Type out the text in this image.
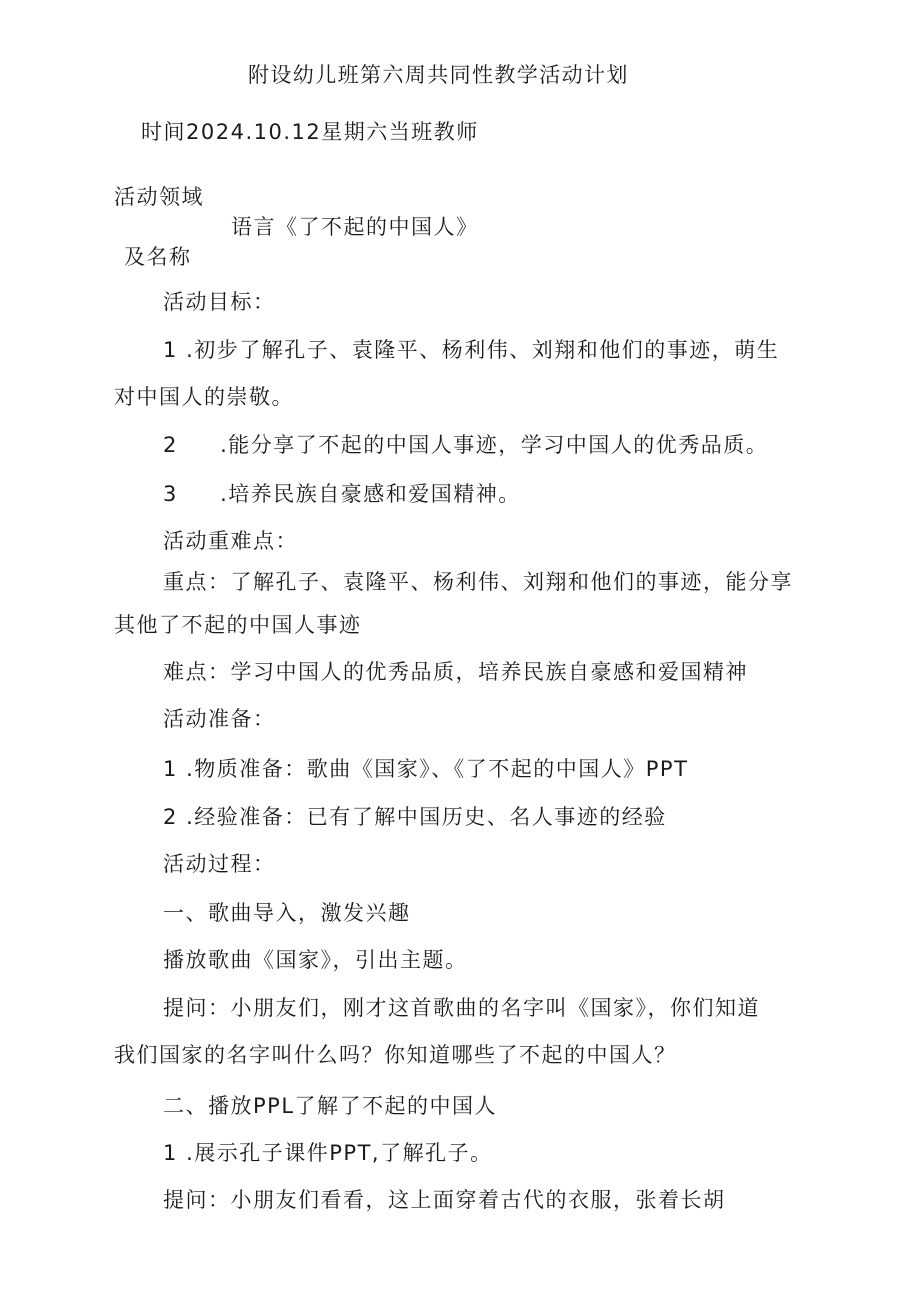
附设幼儿班第六周共同性教学活动计划
时间2024.10.12星期六当班教师
活动领域
语言《了不起的中国人》
及名称
活动目标：
1 .初步了解孔子、袁隆平、杨利伟、刘翔和他们的事迹，萌生
对中国人的崇敬。
2 .能分享了不起的中国人事迹，学习中国人的优秀品质。
3 .培养民族自豪感和爱国精神。
活动重难点：
重点：了解孔子、袁隆平、杨利伟、刘翔和他们的事迹，能分享
其他了不起的中国人事迹
难点：学习中国人的优秀品质，培养民族自豪感和爱国精神
活动准备：
1 .物质准备：歌曲《国家》、《了不起的中国人》PPT
2 .经验准备：已有了解中国历史、名人事迹的经验
活动过程：
一、歌曲导入，激发兴趣
播放歌曲《国家》，引出主题。
提问：小朋友们，刚才这首歌曲的名字叫《国家》，你们知道
我们国家的名字叫什么吗？你知道哪些了不起的中国人？
二、播放PPL了解了不起的中国人
1 .展示孔子课件PPT,了解孔子。
提问：小朋友们看看，这上面穿着古代的衣服，张着长胡
